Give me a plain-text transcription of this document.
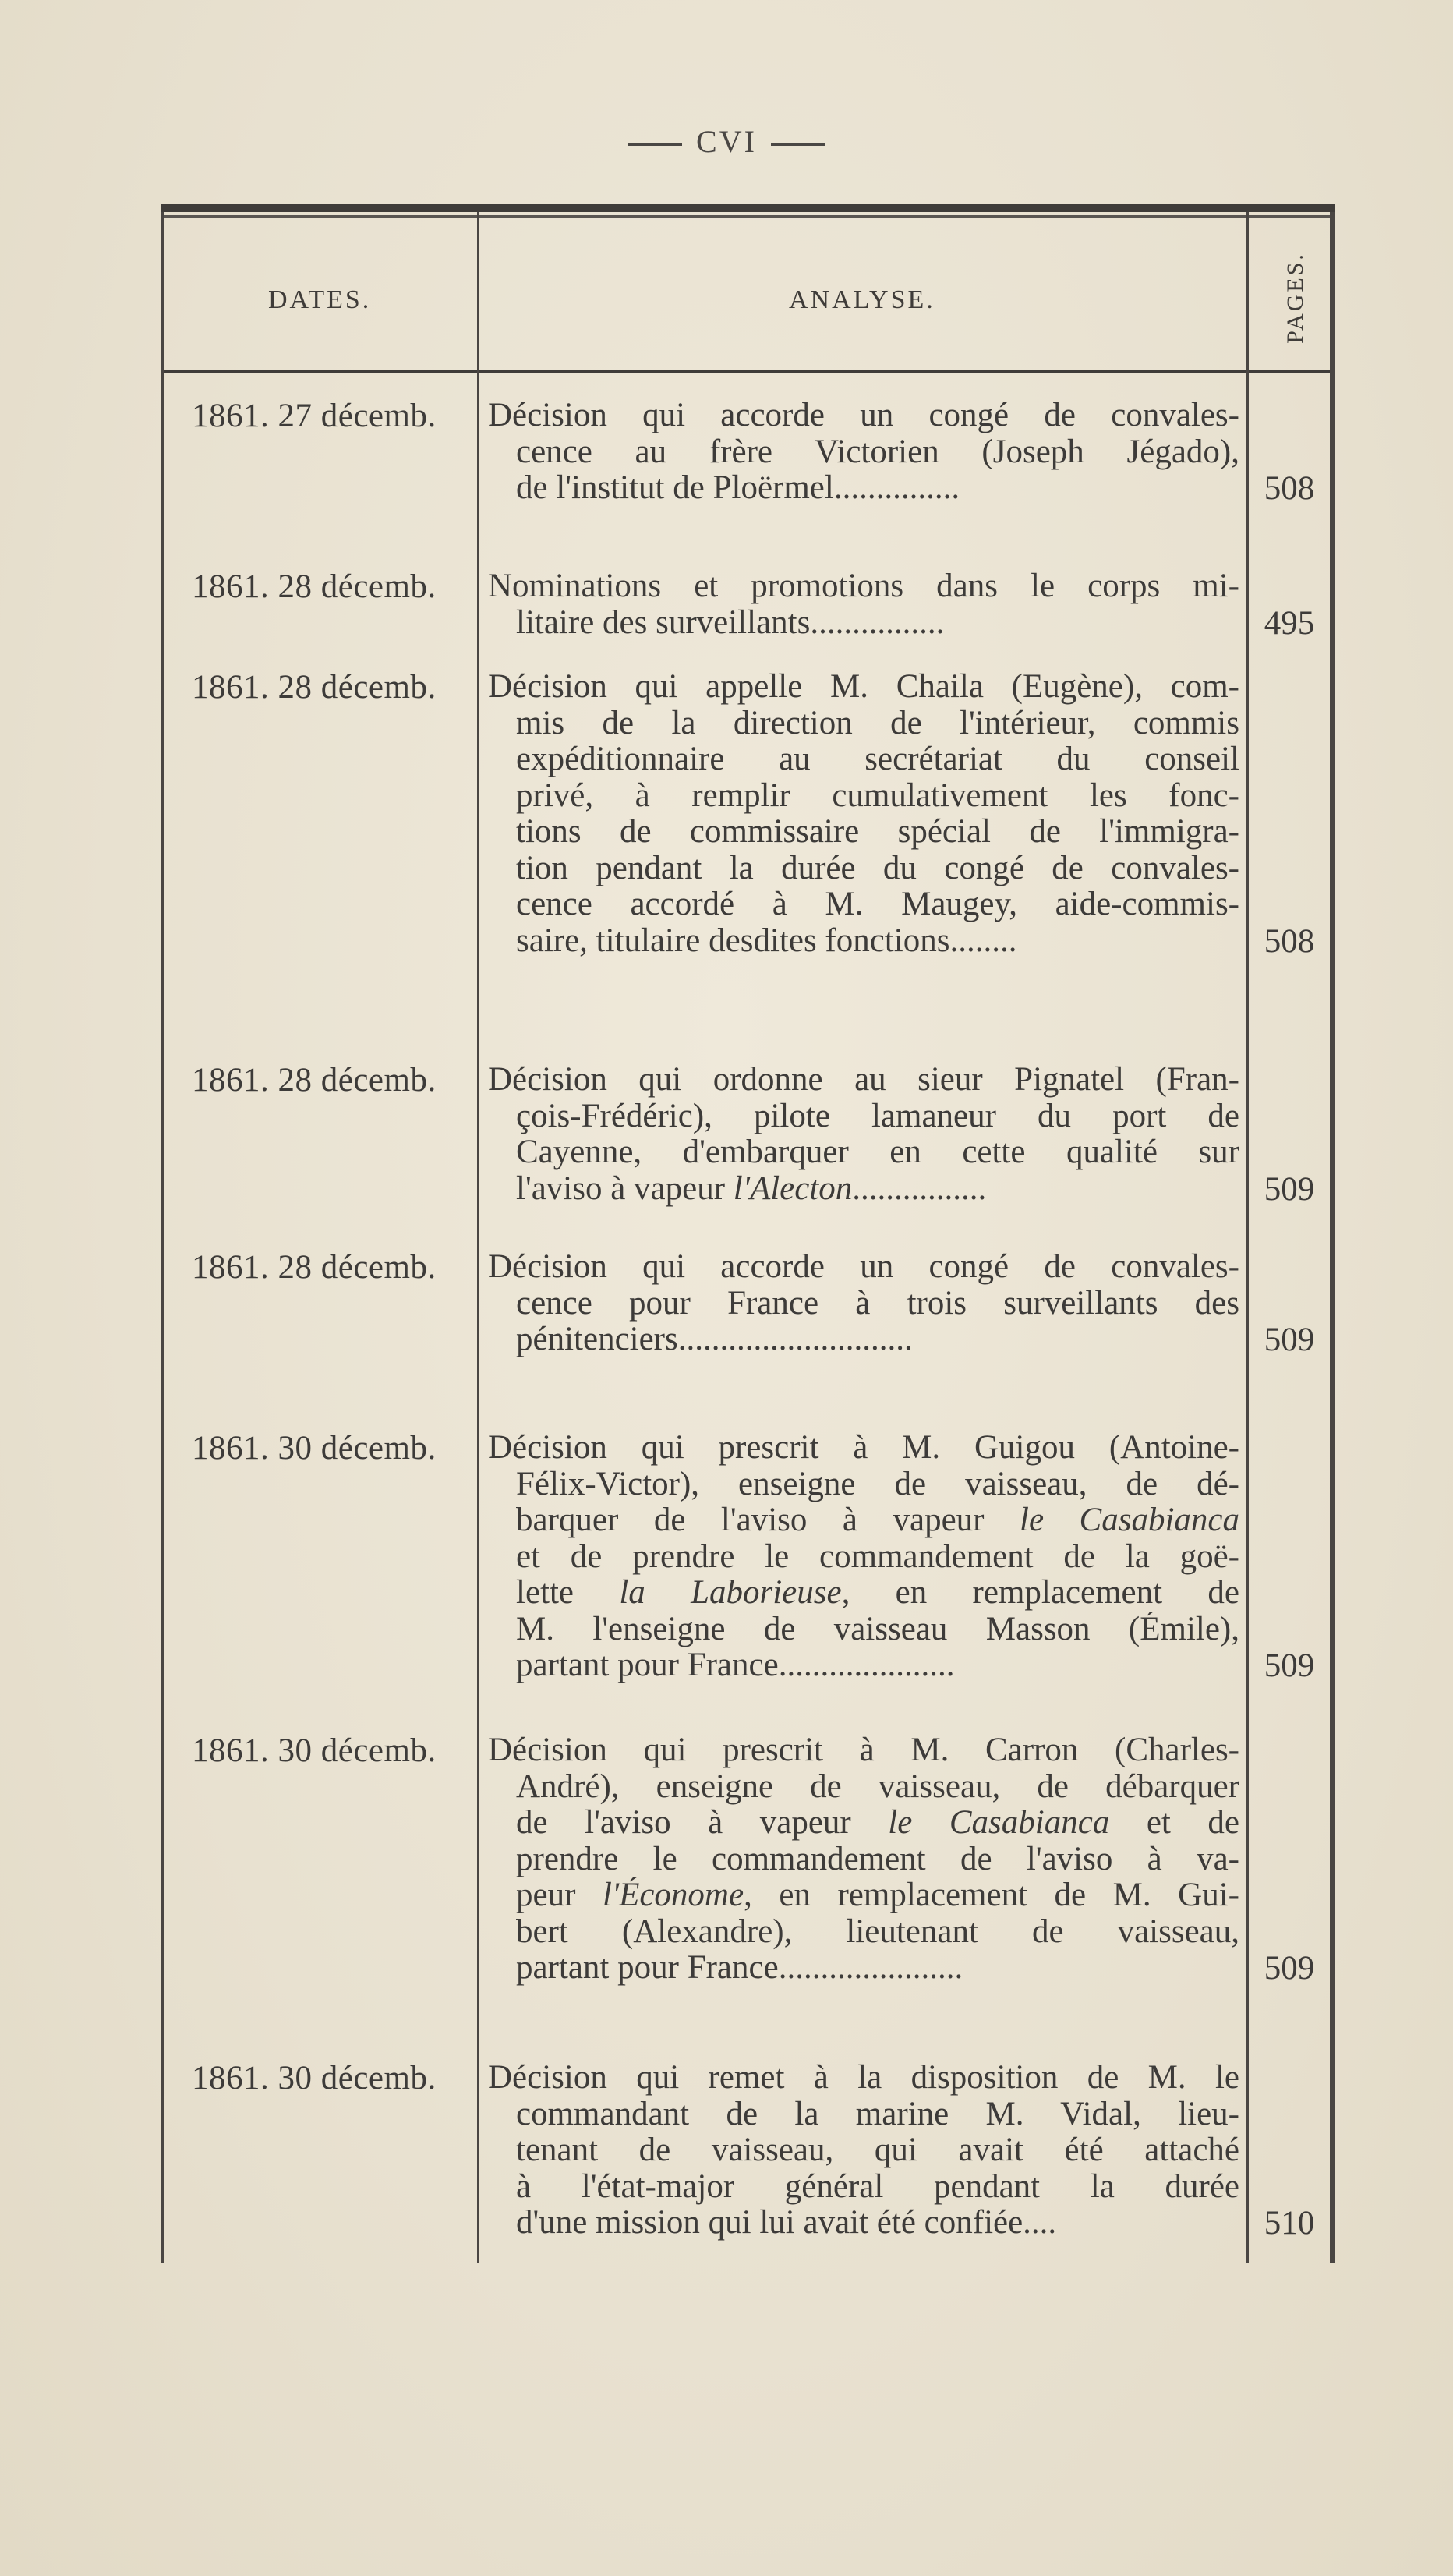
CVI
DATES.	ANALYSE.	PAGES.
1861. 27 décemb. Décision qui accorde un congé de convales-
cence au frère Victorien (Joseph Jégado),
de l'institut de Ploërmel...............	508
1861. 28 décemb. Nominations et promotions dans le corps mi-
litaire des surveillants................	495
1861. 28 décemb. Décision qui appelle M. Chaila (Eugène), com-
mis de la direction de l'intérieur, commis
expéditionnaire au secrétariat du conseil
privé, à remplir cumulativement les fonc-
tions de commissaire spécial de l'immigra-
tion pendant la durée du congé de convales-
cence accordé à M. Maugey, aide-commis-
saire, titulaire desdites fonctions........	508
1861. 28 décemb. Décision qui ordonne au sieur Pignatel (Fran-
çois-Frédéric), pilote lamaneur du port de
Cayenne, d'embarquer en cette qualité sur
l'aviso à vapeur l'Alecton................	509
1861. 28 décemb. Décision qui accorde un congé de convales-
cence pour France à trois surveillants des
pénitenciers............................	509
1861. 30 décemb. Décision qui prescrit à M. Guigou (Antoine-
Félix-Victor), enseigne de vaisseau, de dé-
barquer de l'aviso à vapeur le Casabianca
et de prendre le commandement de la goë-
lette la Laborieuse, en remplacement de
M. l'enseigne de vaisseau Masson (Émile),
partant pour France.....................	509
1861. 30 décemb. Décision qui prescrit à M. Carron (Charles-
André), enseigne de vaisseau, de débarquer
de l'aviso à vapeur le Casabianca et de
prendre le commandement de l'aviso à va-
peur l'Économe, en remplacement de M. Gui-
bert (Alexandre), lieutenant de vaisseau,
partant pour France......................	509
1861. 30 décemb. Décision qui remet à la disposition de M. le
commandant de la marine M. Vidal, lieu-
tenant de vaisseau, qui avait été attaché
à l'état-major général pendant la durée
d'une mission qui lui avait été confiée....	510
